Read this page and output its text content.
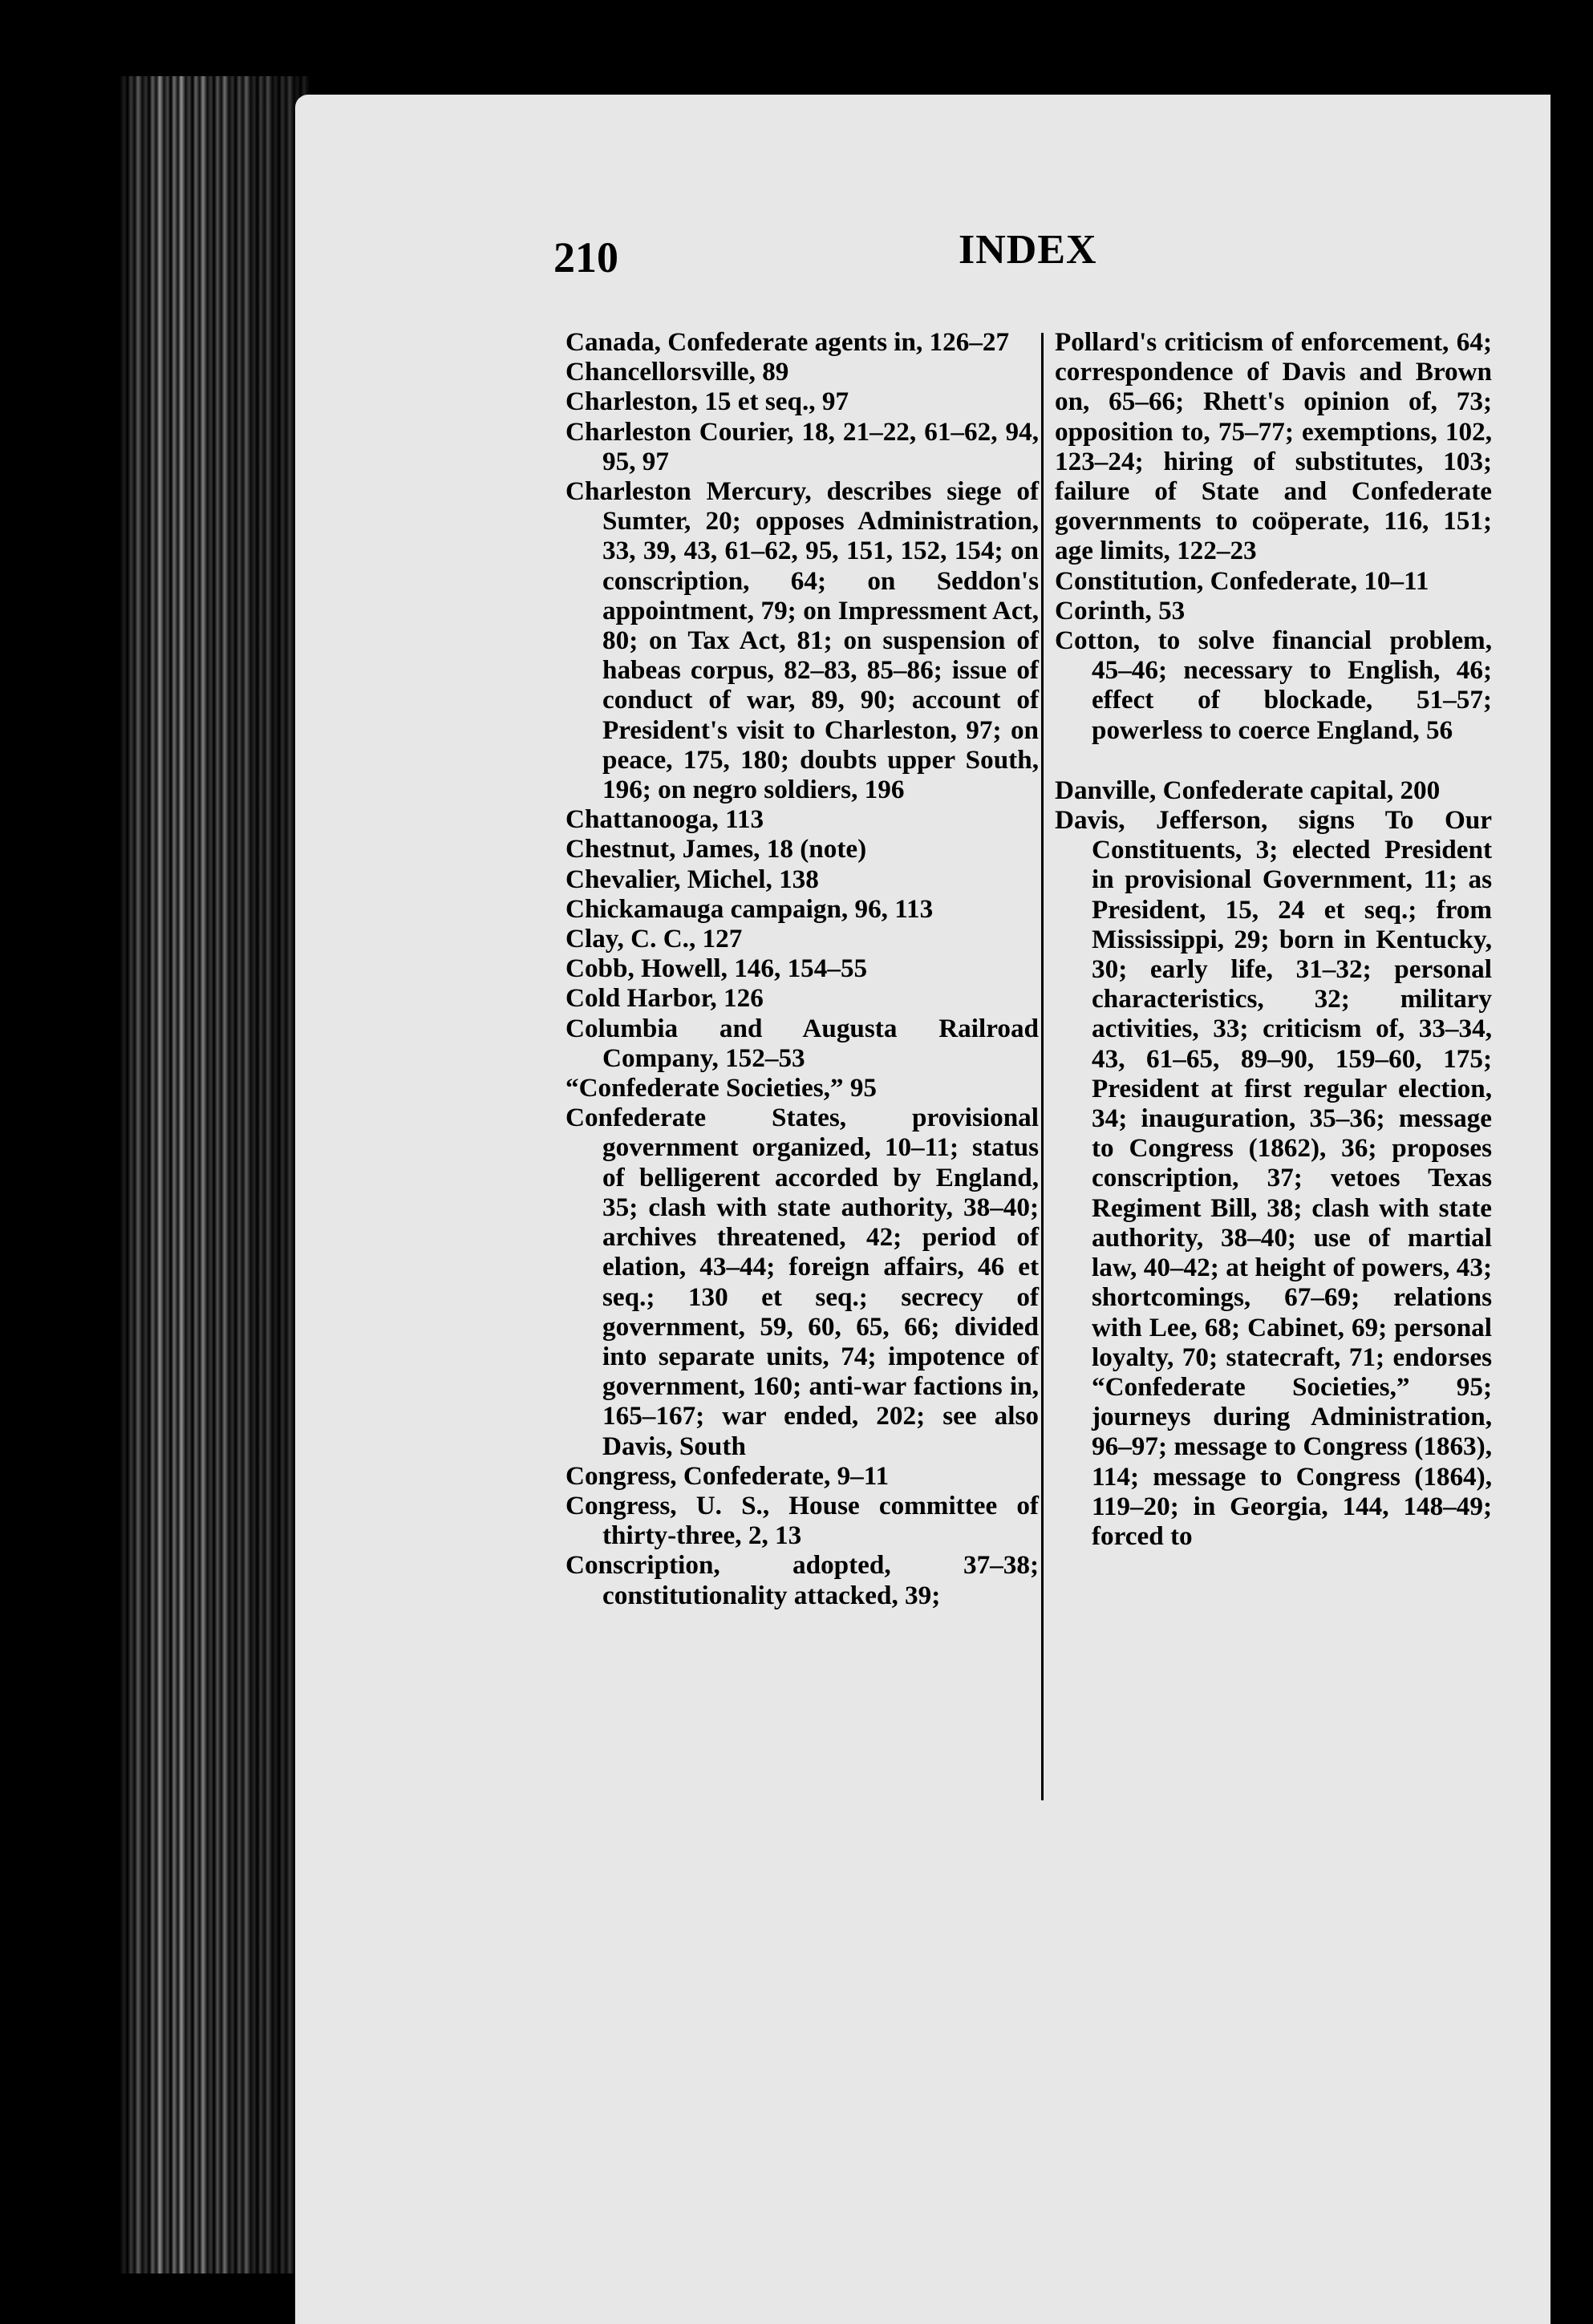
210	INDEX

Canada, Confederate agents in, 126–27

Chancellorsville, 89

Charleston, 15 et seq., 97

Charleston Courier, 18, 21–22, 61–62, 94, 95, 97

Charleston Mercury, describes siege of Sumter, 20; opposes Administration, 33, 39, 43, 61–62, 95, 151, 152, 154; on conscription, 64; on Seddon's appointment, 79; on Impressment Act, 80; on Tax Act, 81; on suspension of habeas corpus, 82–83, 85–86; issue of conduct of war, 89, 90; account of President's visit to Charleston, 97; on peace, 175, 180; doubts upper South, 196; on negro soldiers, 196

Chattanooga, 113

Chestnut, James, 18 (note)

Chevalier, Michel, 138

Chickamauga campaign, 96, 113

Clay, C. C., 127

Cobb, Howell, 146, 154–55

Cold Harbor, 126

Columbia and Augusta Railroad Company, 152–53

“Confederate Societies,” 95

Confederate States, provisional government organized, 10–11; status of belligerent accorded by England, 35; clash with state authority, 38–40; archives threatened, 42; period of elation, 43–44; foreign affairs, 46 et seq.; 130 et seq.; secrecy of government, 59, 60, 65, 66; divided into separate units, 74; impotence of government, 160; anti-war factions in, 165–167; war ended, 202; see also Davis, South

Congress, Confederate, 9–11

Congress, U. S., House committee of thirty-three, 2, 13

Conscription, adopted, 37–38; constitutionality attacked, 39;

Pollard's criticism of enforcement, 64; correspondence of Davis and Brown on, 65–66; Rhett's opinion of, 73; opposition to, 75–77; exemptions, 102, 123–24; hiring of substitutes, 103; failure of State and Confederate governments to coöperate, 116, 151; age limits, 122–23

Constitution, Confederate, 10–11

Corinth, 53

Cotton, to solve financial problem, 45–46; necessary to English, 46; effect of blockade, 51–57; powerless to coerce England, 56

Danville, Confederate capital, 200

Davis, Jefferson, signs To Our Constituents, 3; elected President in provisional Government, 11; as President, 15, 24 et seq.; from Mississippi, 29; born in Kentucky, 30; early life, 31–32; personal characteristics, 32; military activities, 33; criticism of, 33–34, 43, 61–65, 89–90, 159–60, 175; President at first regular election, 34; inauguration, 35–36; message to Congress (1862), 36; proposes conscription, 37; vetoes Texas Regiment Bill, 38; clash with state authority, 38–40; use of martial law, 40–42; at height of powers, 43; shortcomings, 67–69; relations with Lee, 68; Cabinet, 69; personal loyalty, 70; statecraft, 71; endorses “Confederate Societies,” 95; journeys during Administration, 96–97; message to Congress (1863), 114; message to Congress (1864), 119–20; in Georgia, 144, 148–49; forced to
